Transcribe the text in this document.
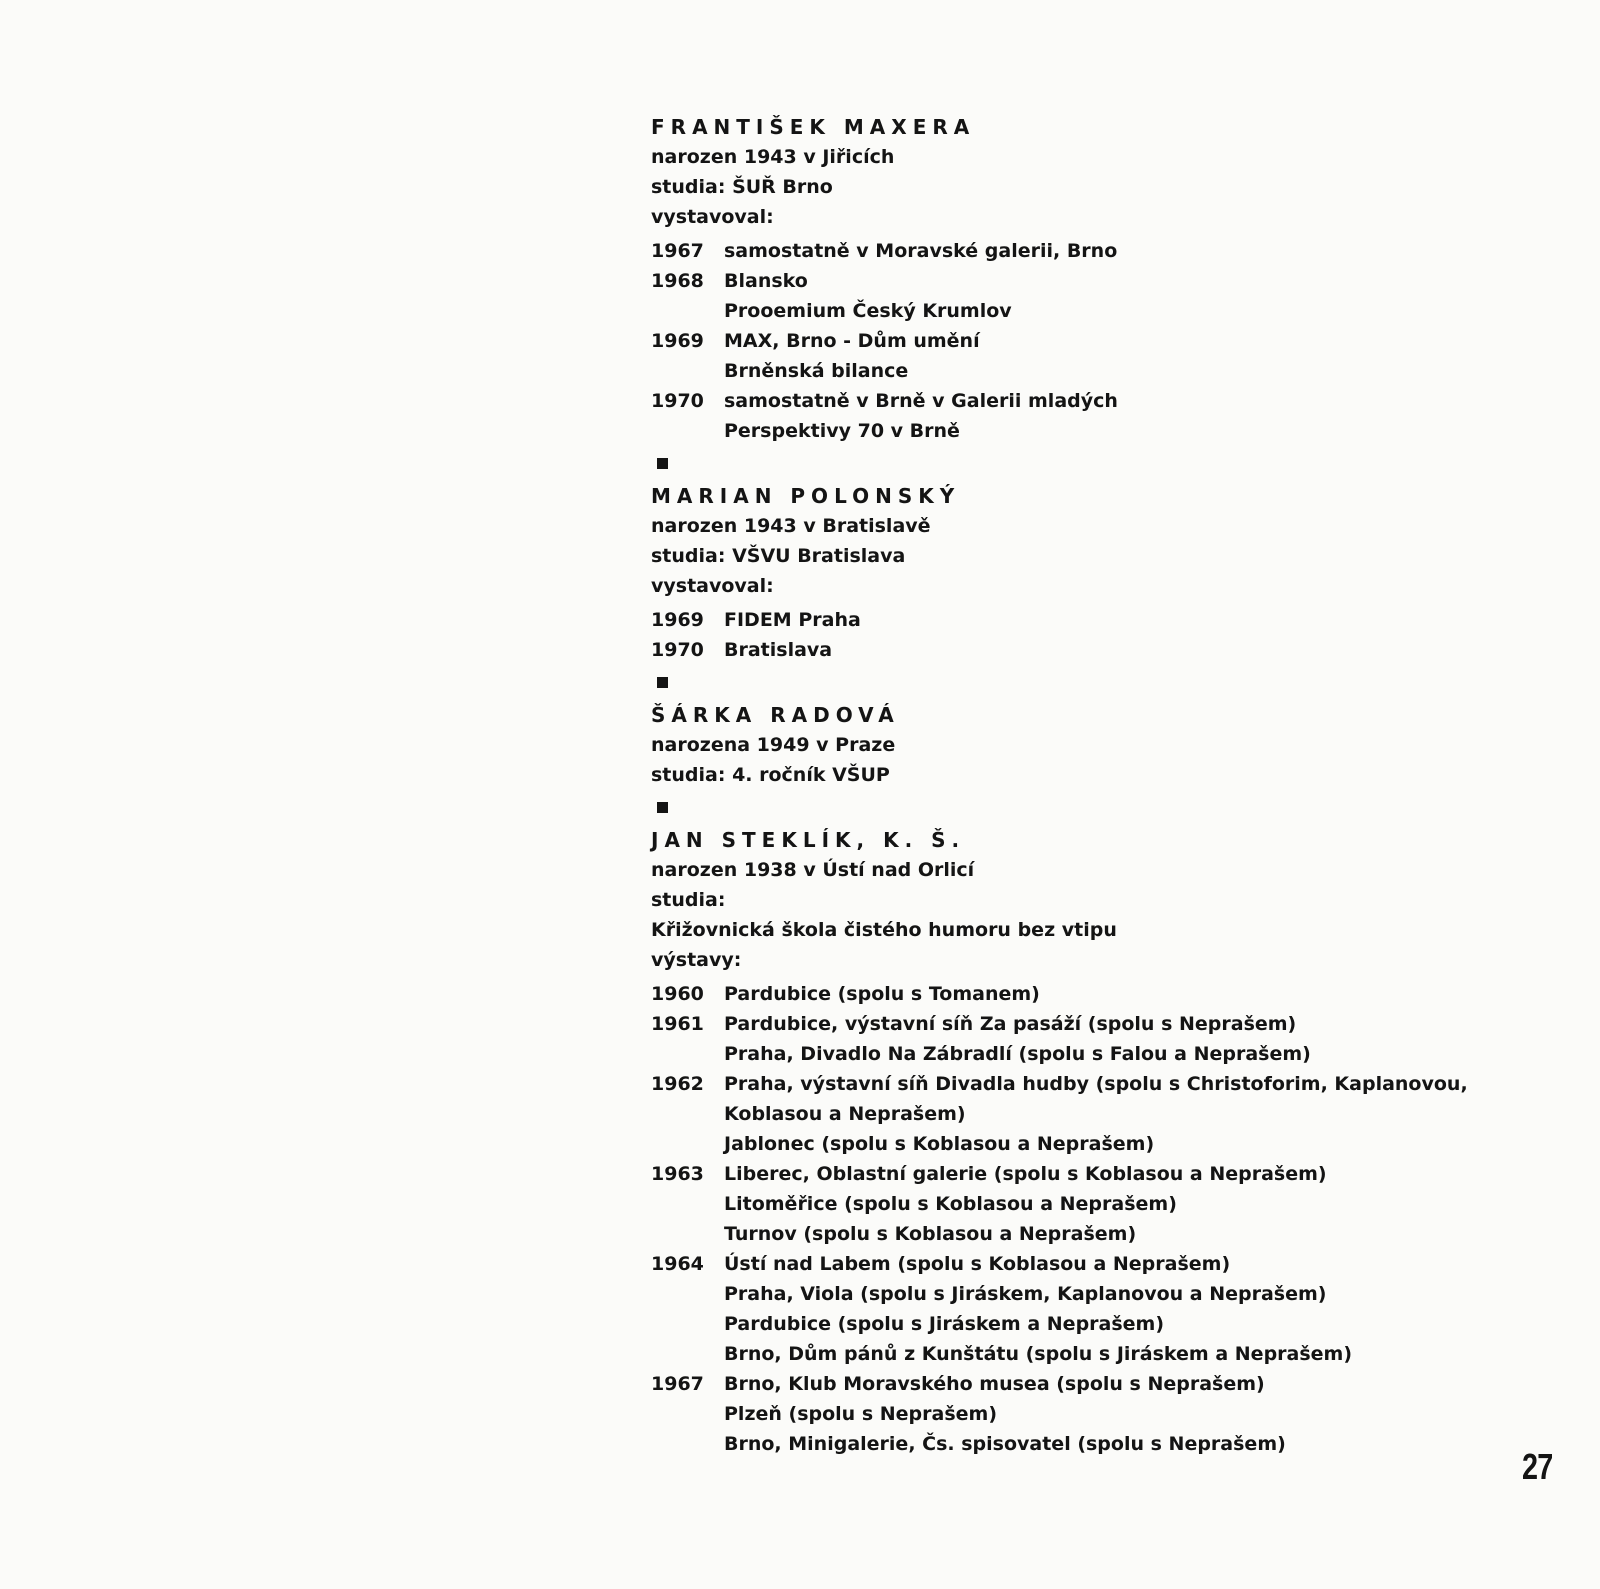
FRANTIŠEK MAXERA
narozen 1943 v Jiřicích
studia: ŠUŘ Brno
vystavoval:
1967	samostatně v Moravské galerii, Brno
1968	Blansko
Prooemium Český Krumlov
1969	MAX, Brno - Dům umění
Brněnská bilance
1970	samostatně v Brně v Galerii mladých
Perspektivy 70 v Brně
MARIAN POLONSKÝ
narozen 1943 v Bratislavě
studia: VŠVU Bratislava
vystavoval:
1969	FIDEM Praha
1970	Bratislava
ŠÁRKA RADOVÁ
narozena 1949 v Praze
studia: 4. ročník VŠUP
JAN STEKLÍK, K. Š.
narozen 1938 v Ústí nad Orlicí
studia:
Křižovnická škola čistého humoru bez vtipu
výstavy:
1960	Pardubice (spolu s Tomanem)
1961	Pardubice, výstavní síň Za pasáží (spolu s Neprašem)
Praha, Divadlo Na Zábradlí (spolu s Falou a Neprašem)
1962	Praha, výstavní síň Divadla hudby (spolu s Christoforim, Kaplanovou,
Koblasou a Neprašem)
Jablonec (spolu s Koblasou a Neprašem)
1963	Liberec, Oblastní galerie (spolu s Koblasou a Neprašem)
Litoměřice (spolu s Koblasou a Neprašem)
Turnov (spolu s Koblasou a Neprašem)
1964	Ústí nad Labem (spolu s Koblasou a Neprašem)
Praha, Viola (spolu s Jiráskem, Kaplanovou a Neprašem)
Pardubice (spolu s Jiráskem a Neprašem)
Brno, Dům pánů z Kunštátu (spolu s Jiráskem a Neprašem)
1967	Brno, Klub Moravského musea (spolu s Neprašem)
Plzeň (spolu s Neprašem)
Brno, Minigalerie, Čs. spisovatel (spolu s Neprašem)
27
